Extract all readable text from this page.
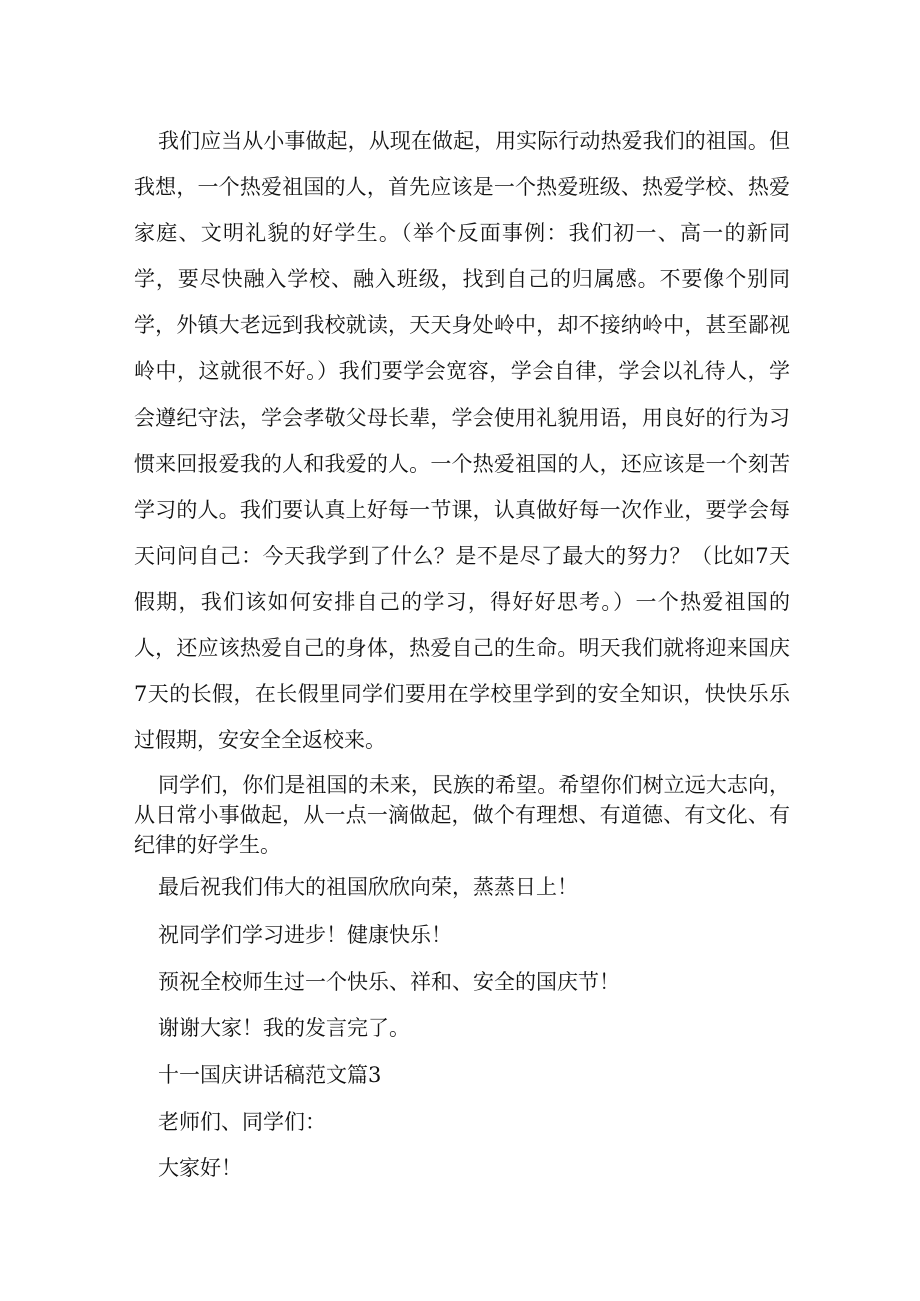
我们应当从小事做起，从现在做起，用实际行动热爱我们的祖国。但我想，一个热爱祖国的人，首先应该是一个热爱班级、热爱学校、热爱家庭、文明礼貌的好学生。（举个反面事例：我们初一、高一的新同学，要尽快融入学校、融入班级，找到自己的归属感。不要像个别同学，外镇大老远到我校就读，天天身处岭中，却不接纳岭中，甚至鄙视岭中，这就很不好。）我们要学会宽容，学会自律，学会以礼待人，学会遵纪守法，学会孝敬父母长辈，学会使用礼貌用语，用良好的行为习惯来回报爱我的人和我爱的人。一个热爱祖国的人，还应该是一个刻苦学习的人。我们要认真上好每一节课，认真做好每一次作业，要学会每天问问自己：今天我学到了什么？是不是尽了最大的努力？（比如7天假期，我们该如何安排自己的学习，得好好思考。）一个热爱祖国的人，还应该热爱自己的身体，热爱自己的生命。明天我们就将迎来国庆7天的长假，在长假里同学们要用在学校里学到的安全知识，快快乐乐过假期，安安全全返校来。

同学们，你们是祖国的未来，民族的希望。希望你们树立远大志向，从日常小事做起，从一点一滴做起，做个有理想、有道德、有文化、有纪律的好学生。

最后祝我们伟大的祖国欣欣向荣，蒸蒸日上！

祝同学们学习进步！健康快乐！

预祝全校师生过一个快乐、祥和、安全的国庆节！

谢谢大家！我的发言完了。

十一国庆讲话稿范文篇3

老师们、同学们：

大家好！
